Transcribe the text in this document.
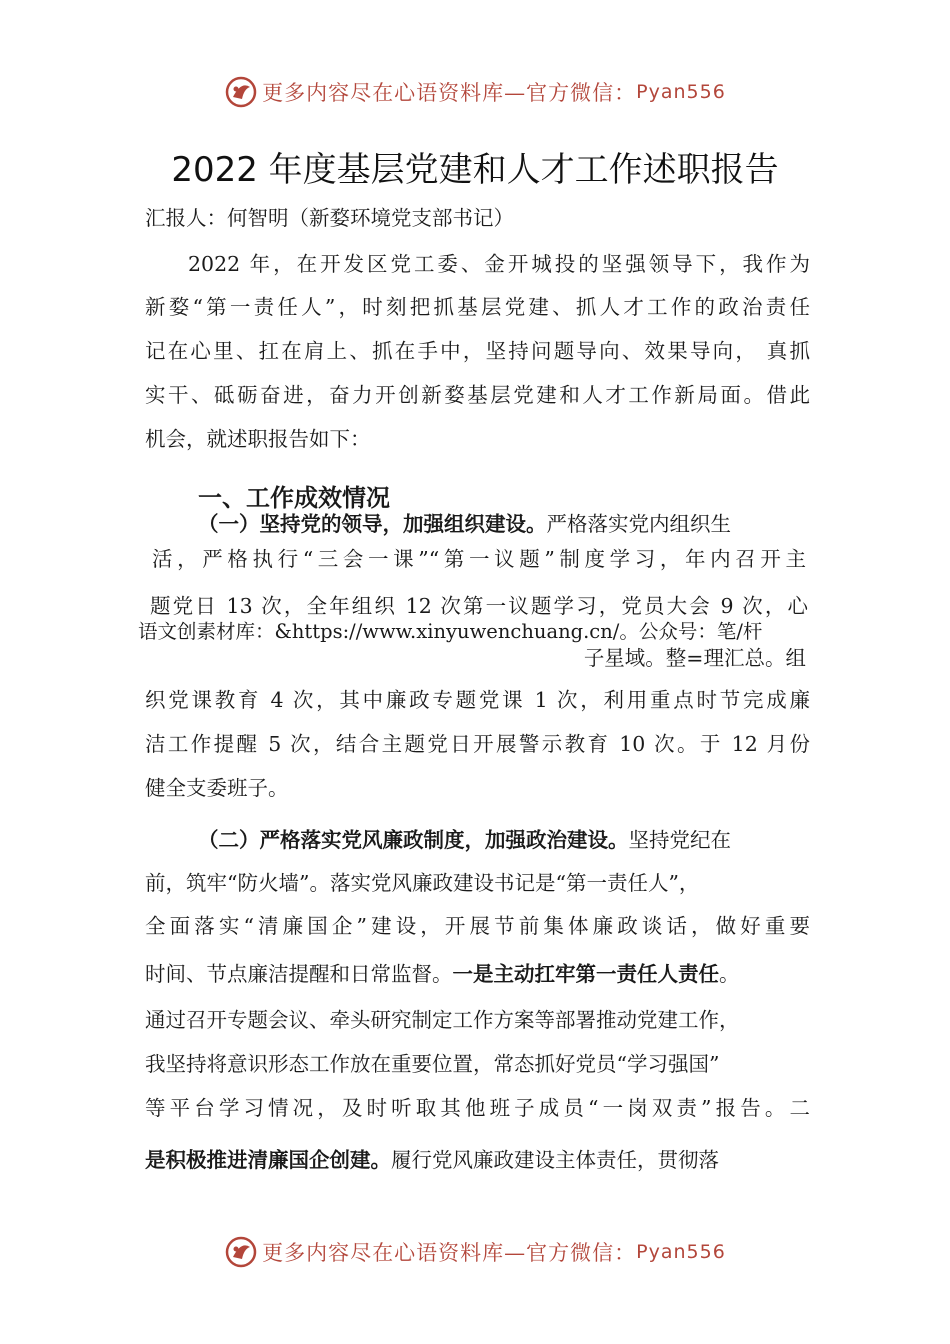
更多内容尽在心语资料库—官方微信： Pyan556
2022 年度基层党建和人才工作述职报告
汇报人：何智明（新婺环境党支部书记）
2022 年，在开发区党工委、金开城投的坚强领导下，我作为
新婺“第一责任人”，时刻把抓基层党建、抓人才工作的政治责任
记在心里、扛在肩上、抓在手中，坚持问题导向、效果导向， 真抓
实干、砥砺奋进，奋力开创新婺基层党建和人才工作新局面。借此
机会，就述职报告如下：
一、工作成效情况
（一）坚持党的领导，加强组织建设。严格落实党内组织生
活，严格执行“三会一课”“第一议题”制度学习，年内召开主
题党日 13 次，全年组织 12 次第一议题学习，党员大会 9 次，心
语文创素材库：&https://www.xinyuwenchuang.cn/。公众号：笔/杆
子星域。整=理汇总。组
织党课教育 4 次，其中廉政专题党课 1 次，利用重点时节完成廉
洁工作提醒 5 次，结合主题党日开展警示教育 10 次。于 12 月份
健全支委班子。
（二）严格落实党风廉政制度，加强政治建设。坚持党纪在
前，筑牢“防火墙”。落实党风廉政建设书记是“第一责任人”，
全面落实“清廉国企”建设，开展节前集体廉政谈话，做好重要
时间、节点廉洁提醒和日常监督。一是主动扛牢第一责任人责任。
通过召开专题会议、牵头研究制定工作方案等部署推动党建工作，
我坚持将意识形态工作放在重要位置，常态抓好党员“学习强国”
等平台学习情况，及时听取其他班子成员“一岗双责”报告。二
是积极推进清廉国企创建。履行党风廉政建设主体责任，贯彻落
更多内容尽在心语资料库—官方微信： Pyan556
